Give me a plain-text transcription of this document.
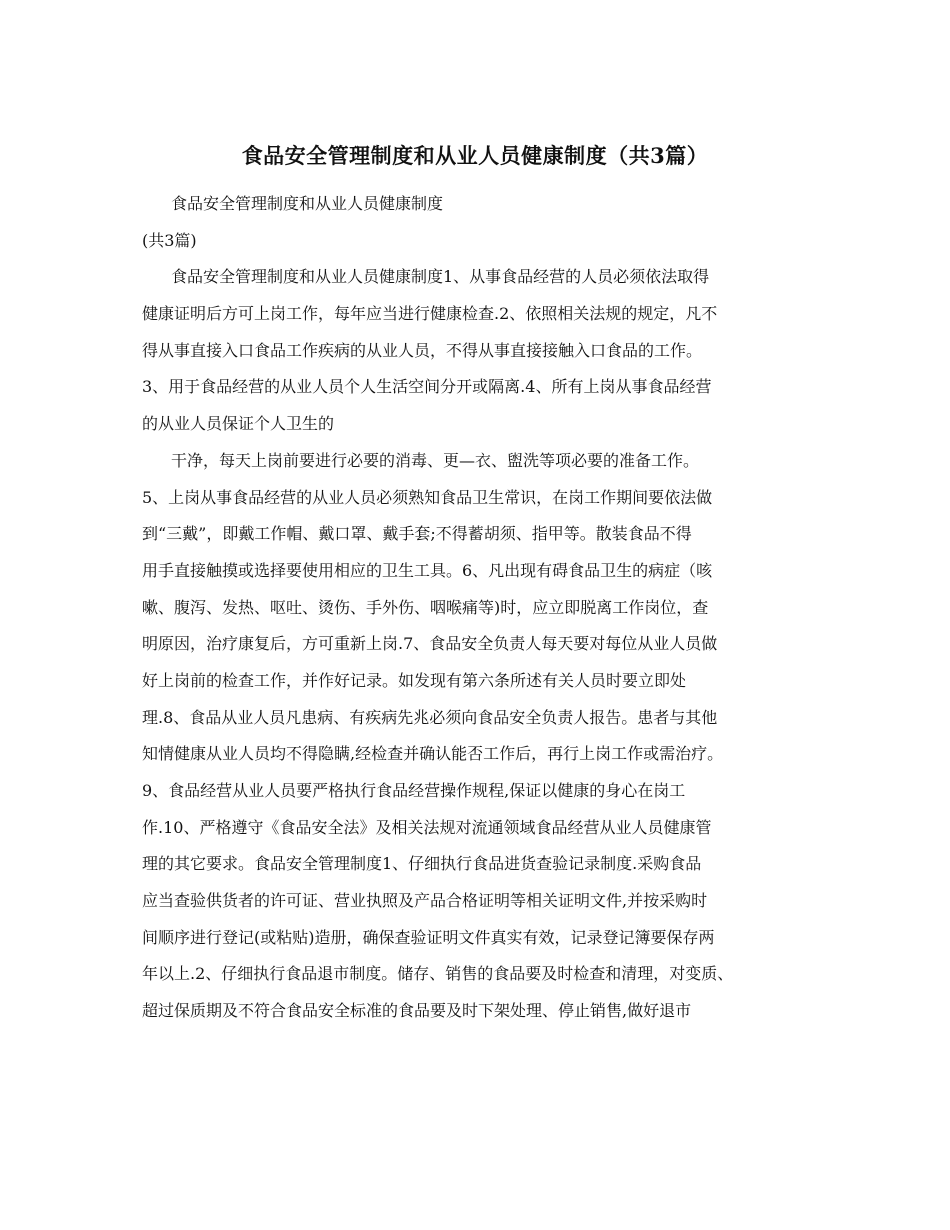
食品安全管理制度和从业人员健康制度（共3篇）
食品安全管理制度和从业人员健康制度
(共3篇)
食品安全管理制度和从业人员健康制度1、从事食品经营的人员必须依法取得
健康证明后方可上岗工作，每年应当进行健康检查.2、依照相关法规的规定，凡不
得从事直接入口食品工作疾病的从业人员，不得从事直接接触入口食品的工作。
3、用于食品经营的从业人员个人生活空间分开或隔离.4、所有上岗从事食品经营
的从业人员保证个人卫生的
干净，每天上岗前要进行必要的消毒、更—衣、盥洗等项必要的准备工作。
5、上岗从事食品经营的从业人员必须熟知食品卫生常识，在岗工作期间要依法做
到“三戴”，即戴工作帽、戴口罩、戴手套;不得蓄胡须、指甲等。散装食品不得
用手直接触摸或选择要使用相应的卫生工具。6、凡出现有碍食品卫生的病症（咳
嗽、腹泻、发热、呕吐、烫伤、手外伤、咽喉痛等)时，应立即脱离工作岗位，查
明原因，治疗康复后，方可重新上岗.7、食品安全负责人每天要对每位从业人员做
好上岗前的检查工作，并作好记录。如发现有第六条所述有关人员时要立即处
理.8、食品从业人员凡患病、有疾病先兆必须向食品安全负责人报告。患者与其他
知情健康从业人员均不得隐瞒,经检查并确认能否工作后，再行上岗工作或需治疗。
9、食品经营从业人员要严格执行食品经营操作规程,保证以健康的身心在岗工
作.10、严格遵守《食品安全法》及相关法规对流通领域食品经营从业人员健康管
理的其它要求。食品安全管理制度1、仔细执行食品进货查验记录制度.采购食品
应当查验供货者的许可证、营业执照及产品合格证明等相关证明文件,并按采购时
间顺序进行登记(或粘贴)造册，确保查验证明文件真实有效，记录登记簿要保存两
年以上.2、仔细执行食品退市制度。储存、销售的食品要及时检查和清理，对变质、
超过保质期及不符合食品安全标准的食品要及时下架处理、停止销售,做好退市
